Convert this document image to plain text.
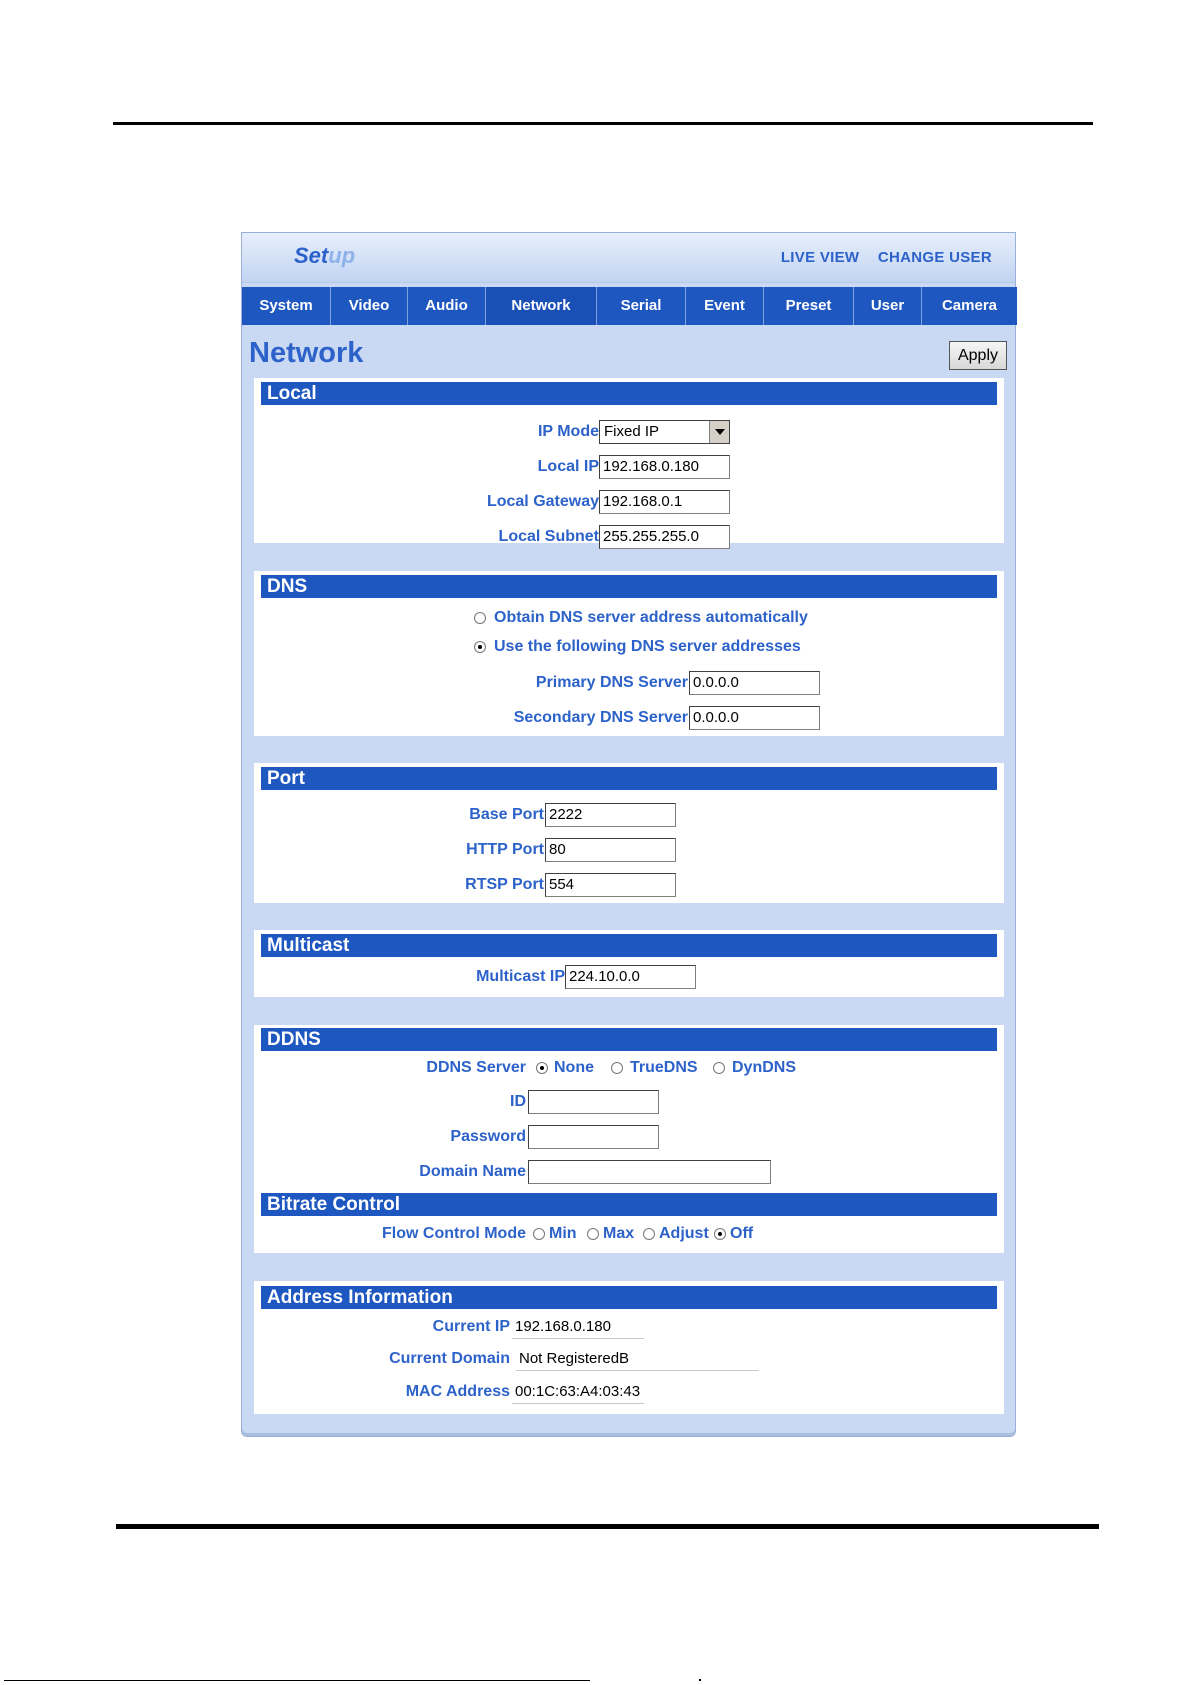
Setup	LIVE VIEW CHANGE USER
System	Video	Audio	Network	Serial	Event	Preset	User	Camera
Network	Apply
Local
IP Mode Fixed IP
Local IP 192.168.0.180
Local Gateway 192.168.0.1
Local Subnet 255.255.255.0
DNS
Obtain DNS server address automatically
Use the following DNS server addresses
Primary DNS Server 0.0.0.0
Secondary DNS Server 0.0.0.0
Port
Base Port 2222
HTTP Port 80
RTSP Port 554
Multicast
Multicast IP 224.10.0.0
DDNS
DDNS Server None TrueDNS DynDNS
ID
Password
Domain Name
Bitrate Control
Flow Control Mode Min Max Adjust Off
Address Information
Current IP 192.168.0.180
Current Domain Not RegisteredB
MAC Address 00:1C:63:A4:03:43
